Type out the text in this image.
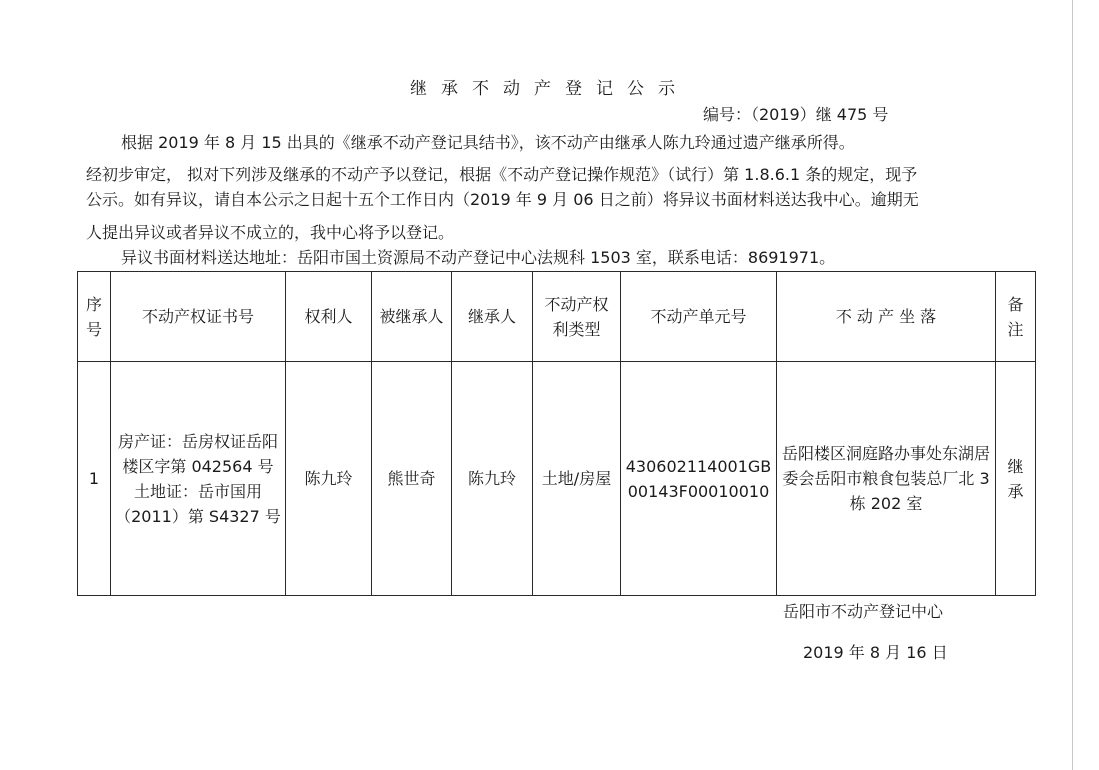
继承不动产登记公示
编号：（2019）继 475 号
根据 2019 年 8 月 15 出具的《继承不动产登记具结书》，该不动产由继承人陈九玲通过遗产继承所得。
经初步审定， 拟对下列涉及继承的不动产予以登记，根据《不动产登记操作规范》（试行）第 1.8.6.1 条的规定，现予
公示。如有异议，请自本公示之日起十五个工作日内（2019 年 9 月 06 日之前）将异议书面材料送达我中心。逾期无
人提出异议或者异议不成立的，我中心将予以登记。
异议书面材料送达地址：岳阳市国土资源局不动产登记中心法规科 1503 室，联系电话：8691971。
序号	不动产权证书号	权利人	被继承人	继承人	不动产权利类型	不动产单元号	不 动 产 坐 落	备注
1	房产证：岳房权证岳阳楼区字第 042564 号 土地证：岳市国用（2011）第 S4327 号	陈九玲	熊世奇	陈九玲	土地/房屋	430602114001GB00143F00010010	岳阳楼区洞庭路办事处东湖居委会岳阳市粮食包装总厂北 3 栋 202 室	继承
岳阳市不动产登记中心
2019 年 8 月 16 日
